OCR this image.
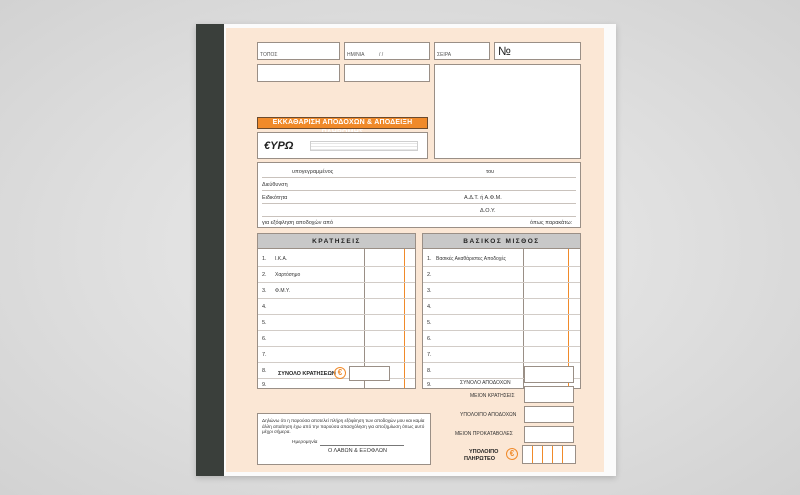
ΤΟΠΟΣ	ΗΜ/ΝΙΑ	/ /	ΣΕΙΡΑ	№
ΕΚΚΑΘΑΡΙΣΗ ΑΠΟΔΟΧΩΝ & ΑΠΟΔΕΙΞΗ
€ΥΡΩ
υπογεγραμμένος	του
Διεύθυνση
Ειδικότητα	Α.Δ.Τ. ή Α.Φ.Μ.
Δ.Ο.Υ.
για εξόφληση αποδοχών από	όπως παρακάτω:
ΚΡΑΤΗΣΕΙΣ
1. Ι.Κ.Α.
2. Χαρτόσημο
3. Φ.Μ.Υ.
4.
5.
6.
7.
8.
9.
ΒΑΣΙΚΟΣ ΜΙΣΘΟΣ
1. Βασικές Ακαθάριστες Αποδοχές
2.
3.
4.
5.
6.
7.
8.
9.
ΣΥΝΟΛΟ ΚΡΑΤΗΣΕΩΝ €
ΣΥΝΟΛΟ ΑΠΟΔΟΧΩΝ
ΜΕΙΟΝ ΚΡΑΤΗΣΕΙΣ
ΥΠΟΛΟΙΠΟ ΑΠΟΔΟΧΩΝ
ΜΕΙΟΝ ΠΡΟΚΑΤΑΒΟΛΕΣ
ΥΠΟΛΟΙΠΟ
ΠΛΗΡΩΤΕΟ
€
Δηλώνω ότι η παρούσα αποτελεί πλήρη εξόφληση των αποδοχών μου και καμία άλλη απαίτηση έχω από την παρούσα απασχόληση για αποζημίωση όπως αυτό μέχρι σήμερα.
Ημερομηνία
Ο ΛΑΒΩΝ & ΕΞΟΦΛΩΝ
